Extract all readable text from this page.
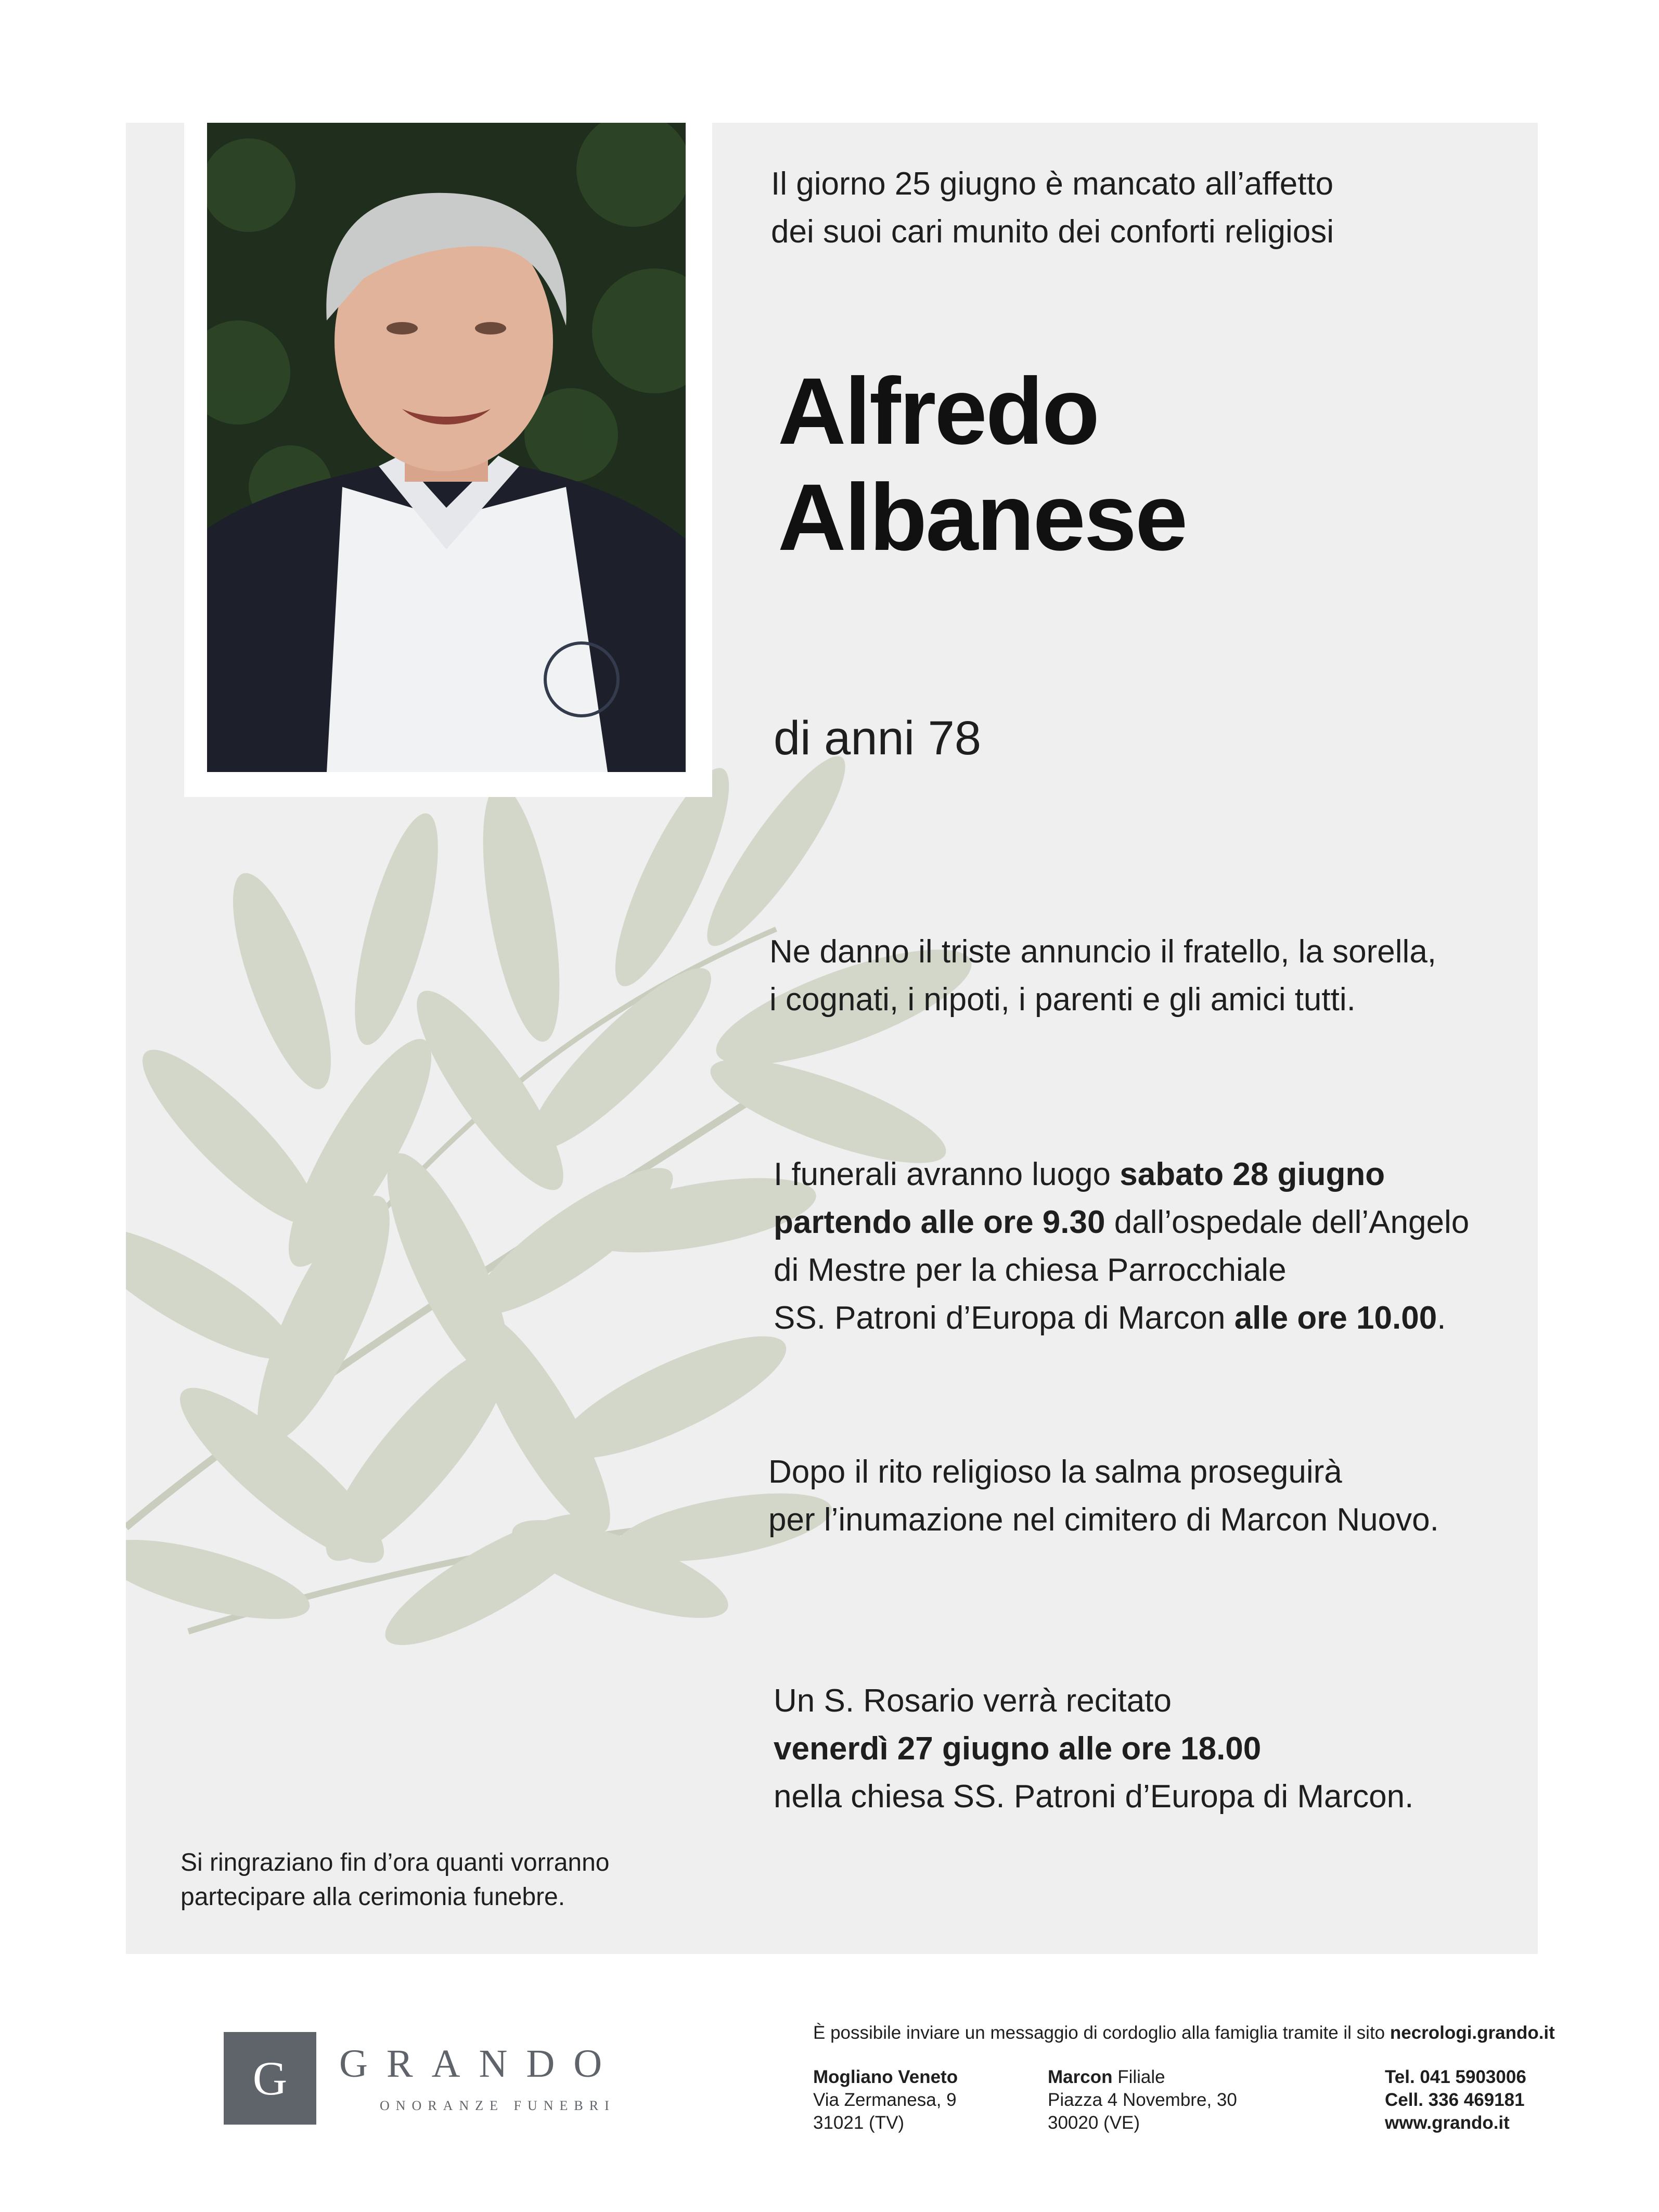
Il giorno 25 giugno è mancato all’affetto
dei suoi cari munito dei conforti religiosi
Alfredo
Albanese
di anni 78
Ne danno il triste annuncio il fratello, la sorella,
i cognati, i nipoti, i parenti e gli amici tutti.
I funerali avranno luogo sabato 28 giugno
partendo alle ore 9.30 dall’ospedale dell’Angelo
di Mestre per la chiesa Parrocchiale
SS. Patroni d’Europa di Marcon alle ore 10.00.
Dopo il rito religioso la salma proseguirà
per l’inumazione nel cimitero di Marcon Nuovo.
Un S. Rosario verrà recitato
venerdì 27 giugno alle ore 18.00
nella chiesa SS. Patroni d’Europa di Marcon.
Si ringraziano fin d’ora quanti vorranno
partecipare alla cerimonia funebre.
G	GRANDO
ONORANZE FUNEBRI
È possibile inviare un messaggio di cordoglio alla famiglia tramite il sito necrologi.grando.it
Mogliano Veneto
Via Zermanesa, 9
31021 (TV)
Marcon Filiale
Piazza 4 Novembre, 30
30020 (VE)
Tel. 041 5903006
Cell. 336 469181
www.grando.it
